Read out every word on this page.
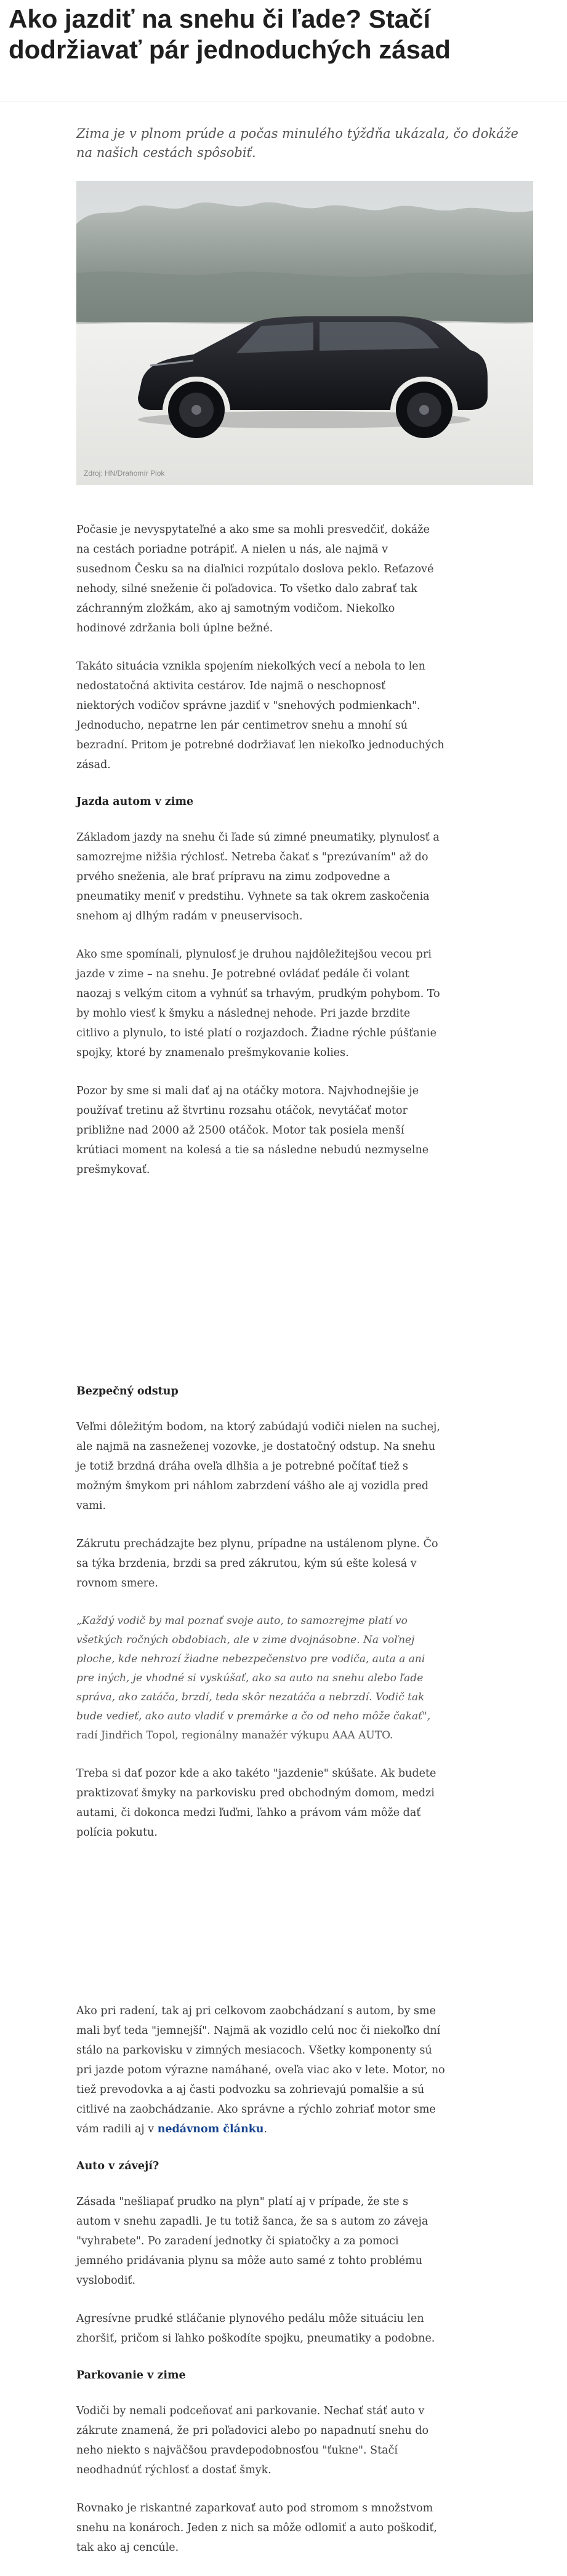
Ako jazdiť na snehu či ľade? Stačí dodržiavať pár jednoduchých zásad

Zima je v plnom prúde a počas minulého týždňa ukázala, čo dokáže na našich cestách spôsobiť.

Zdroj: HN/Drahomír Piok

Počasie je nevyspytateľné a ako sme sa mohli presvedčiť, dokáže na cestách poriadne potrápiť. A nielen u nás, ale najmä v susednom Česku sa na diaľnici rozpútalo doslova peklo. Reťazové nehody, silné sneženie či poľadovica. To všetko dalo zabrať tak záchranným zložkám, ako aj samotným vodičom. Niekoľko hodinové zdržania boli úplne bežné.

Takáto situácia vznikla spojením niekoľkých vecí a nebola to len nedostatočná aktivita cestárov. Ide najmä o neschopnosť niektorých vodičov správne jazdiť v "snehových podmienkach". Jednoducho, nepatrne len pár centimetrov snehu a mnohí sú bezradní. Pritom je potrebné dodržiavať len niekoľko jednoduchých zásad.

Jazda autom v zime

Základom jazdy na snehu či ľade sú zimné pneumatiky, plynulosť a samozrejme nižšia rýchlosť. Netreba čakať s "prezúvaním" až do prvého sneženia, ale brať prípravu na zimu zodpovedne a pneumatiky meniť v predstihu. Vyhnete sa tak okrem zaskočenia snehom aj dlhým radám v pneuservisoch.

Ako sme spomínali, plynulosť je druhou najdôležitejšou vecou pri jazde v zime – na snehu. Je potrebné ovládať pedále či volant naozaj s veľkým citom a vyhnúť sa trhavým, prudkým pohybom. To by mohlo viesť k šmyku a následnej nehode. Pri jazde brzdite citlivo a plynulo, to isté platí o rozjazdoch. Žiadne rýchle púšťanie spojky, ktoré by znamenalo prešmykovanie kolies.

Pozor by sme si mali dať aj na otáčky motora. Najvhodnejšie je používať tretinu až štvrtinu rozsahu otáčok, nevytáčať motor približne nad 2000 až 2500 otáčok. Motor tak posiela menší krútiaci moment na kolesá a tie sa následne nebudú nezmyselne prešmykovať.

Bezpečný odstup

Veľmi dôležitým bodom, na ktorý zabúdajú vodiči nielen na suchej, ale najmä na zasneženej vozovke, je dostatočný odstup. Na snehu je totiž brzdná dráha oveľa dlhšia a je potrebné počítať tiež s možným šmykom pri náhlom zabrzdení vášho ale aj vozidla pred vami.

Zákrutu prechádzajte bez plynu, prípadne na ustálenom plyne. Čo sa týka brzdenia, brzdi sa pred zákrutou, kým sú ešte kolesá v rovnom smere.

„Každý vodič by mal poznať svoje auto, to samozrejme platí vo všetkých ročných obdobiach, ale v zime dvojnásobne. Na voľnej ploche, kde nehrozí žiadne nebezpečenstvo pre vodiča, auta a ani pre iných, je vhodné si vyskúšať, ako sa auto na snehu alebo ľade správa, ako zatáča, brzdí, teda skôr nezatáča a nebrzdí. Vodič tak bude vedieť, ako auto vladiť v premárke a čo od neho môže čakať", radí Jindřich Topol, regionálny manažér výkupu AAA AUTO.

Treba si dať pozor kde a ako takéto "jazdenie" skúšate. Ak budete praktizovať šmyky na parkovisku pred obchodným domom, medzi autami, či dokonca medzi ľuďmi, ľahko a právom vám môže dať polícia pokutu.

Ako pri radení, tak aj pri celkovom zaobchádzaní s autom, by sme mali byť teda "jemnejší". Najmä ak vozidlo celú noc či niekoľko dní stálo na parkovisku v zimných mesiacoch. Všetky komponenty sú pri jazde potom výrazne namáhané, oveľa viac ako v lete. Motor, no tiež prevodovka a aj časti podvozku sa zohrievajú pomalšie a sú citlivé na zaobchádzanie. Ako správne a rýchlo zohriať motor sme vám radili aj v nedávnom článku.

Auto v závejí?

Zásada "nešliapať prudko na plyn" platí aj v prípade, že ste s autom v snehu zapadli. Je tu totiž šanca, že sa s autom zo záveja "vyhrabete". Po zaradení jednotky či spiatočky a za pomoci jemného pridávania plynu sa môže auto samé z tohto problému vyslobodiť.

Agresívne prudké stláčanie plynového pedálu môže situáciu len zhoršiť, pričom si ľahko poškodíte spojku, pneumatiky a podobne.

Parkovanie v zime

Vodiči by nemali podceňovať ani parkovanie. Nechať stáť auto v zákrute znamená, že pri poľadovici alebo po napadnutí snehu do neho niekto s najväčšou pravdepodobnosťou "ťukne". Stačí neodhadnúť rýchlosť a dostať šmyk.

Rovnako je riskantné zaparkovať auto pod stromom s množstvom snehu na konároch. Jeden z nich sa môže odlomiť a auto poškodiť, tak ako aj cencúle.
